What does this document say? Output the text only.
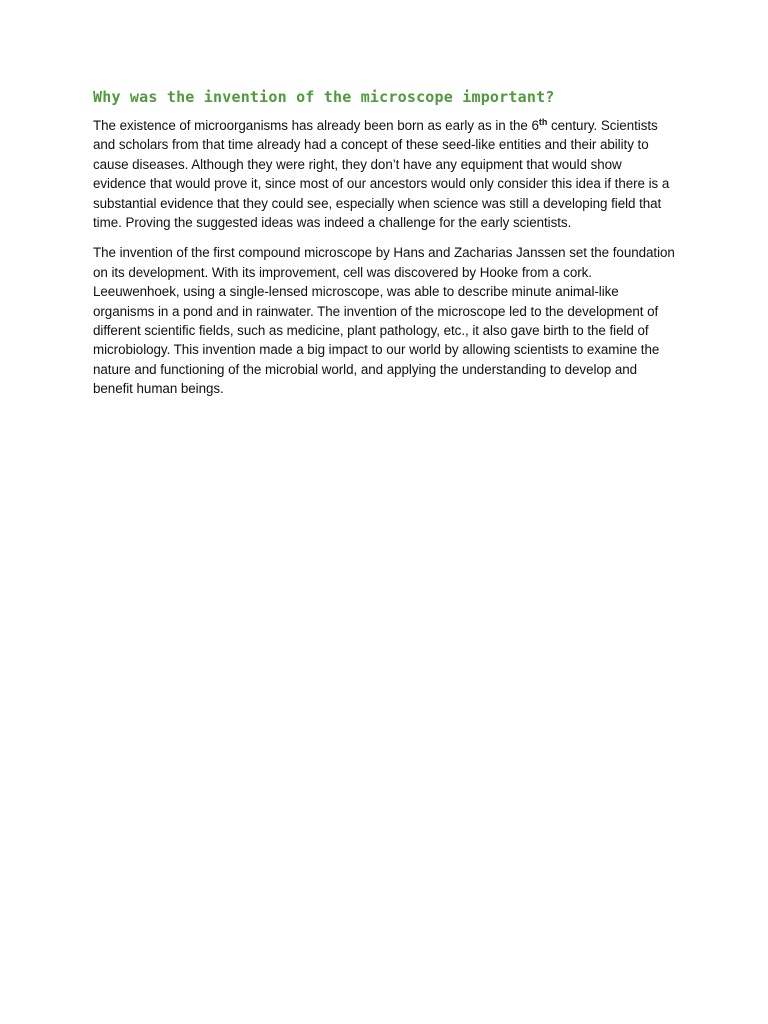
Why was the invention of the microscope important?

The existence of microorganisms has already been born as early as in the 6th century. Scientists and scholars from that time already had a concept of these seed-like entities and their ability to cause diseases. Although they were right, they don’t have any equipment that would show evidence that would prove it, since most of our ancestors would only consider this idea if there is a substantial evidence that they could see, especially when science was still a developing field that time. Proving the suggested ideas was indeed a challenge for the early scientists.

The invention of the first compound microscope by Hans and Zacharias Janssen set the foundation on its development. With its improvement, cell was discovered by Hooke from a cork. Leeuwenhoek, using a single-lensed microscope, was able to describe minute animal-like organisms in a pond and in rainwater. The invention of the microscope led to the development of different scientific fields, such as medicine, plant pathology, etc., it also gave birth to the field of microbiology. This invention made a big impact to our world by allowing scientists to examine the nature and functioning of the microbial world, and applying the understanding to develop and benefit human beings.
